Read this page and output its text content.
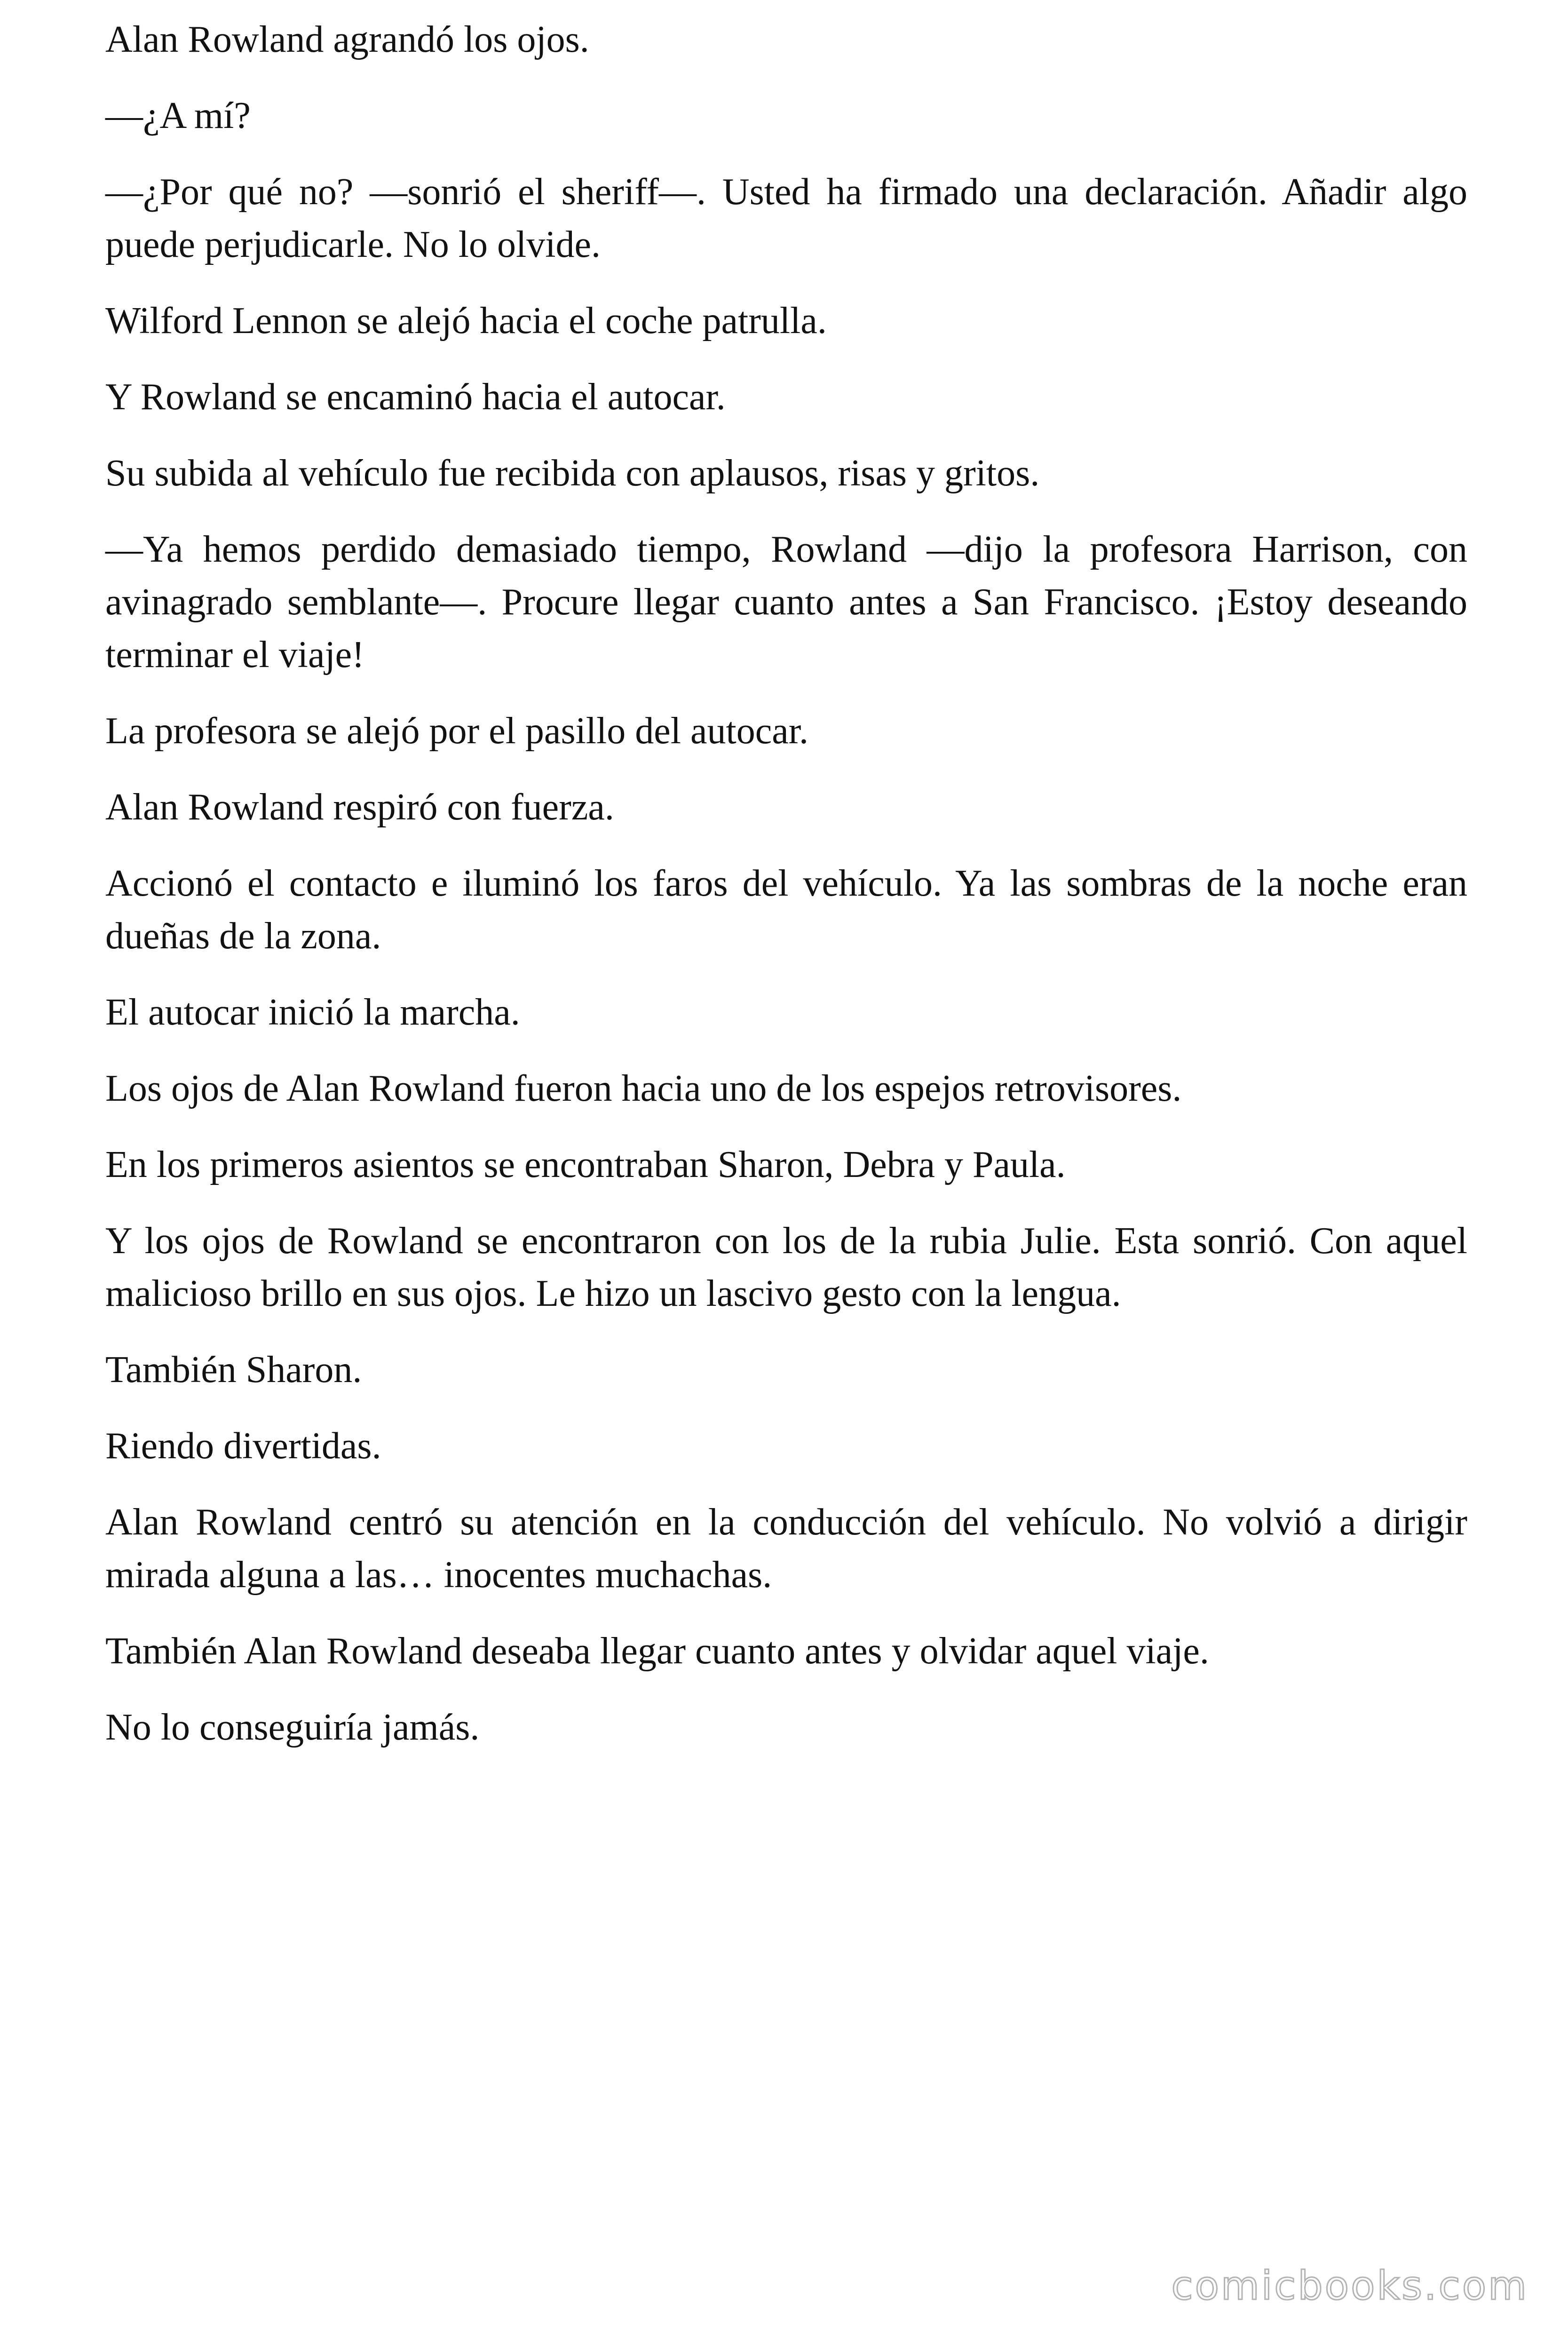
Alan Rowland agrandó los ojos.

—¿A mí?

—¿Por qué no? —sonrió el sheriff—. Usted ha firmado una declaración. Añadir algo puede perjudicarle. No lo olvide.

Wilford Lennon se alejó hacia el coche patrulla.

Y Rowland se encaminó hacia el autocar.

Su subida al vehículo fue recibida con aplausos, risas y gritos.

—Ya hemos perdido demasiado tiempo, Rowland —dijo la profesora Harrison, con avinagrado semblante—. Procure llegar cuanto antes a San Francisco. ¡Estoy deseando terminar el viaje!

La profesora se alejó por el pasillo del autocar.

Alan Rowland respiró con fuerza.

Accionó el contacto e iluminó los faros del vehículo. Ya las sombras de la noche eran dueñas de la zona.

El autocar inició la marcha.

Los ojos de Alan Rowland fueron hacia uno de los espejos retrovisores.

En los primeros asientos se encontraban Sharon, Debra y Paula.

Y los ojos de Rowland se encontraron con los de la rubia Julie. Esta sonrió. Con aquel malicioso brillo en sus ojos. Le hizo un lascivo gesto con la lengua.

También Sharon.

Riendo divertidas.

Alan Rowland centró su atención en la conducción del vehículo. No volvió a dirigir mirada alguna a las… inocentes muchachas.

También Alan Rowland deseaba llegar cuanto antes y olvidar aquel viaje.

No lo conseguiría jamás.

comicbooks.com
